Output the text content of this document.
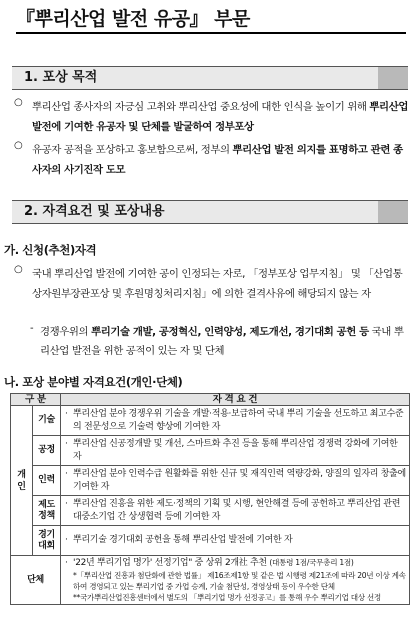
『뿌리산업 발전 유공』 부문
1. 포상 목적
○ 뿌리산업 종사자의 자긍심 고취와 뿌리산업 중요성에 대한 인식을 높이기 위해 뿌리산업 발전에 기여한 유공자 및 단체를 발굴하여 정부포상
○ 유공자 공적을 포상하고 홍보함으로써, 정부의 뿌리산업 발전 의지를 표명하고 관련 종사자의 사기진작 도모
2. 자격요건 및 포상내용
가. 신청(추천)자격
○ 국내 뿌리산업 발전에 기여한 공이 인정되는 자로, 「정부포상 업무지침」 및 「산업통상자원부장관포상 및 후원명칭처리지침」에 의한 결격사유에 해당되지 않는 자
- 경쟁우위의 뿌리기술 개발, 공정혁신, 인력양성, 제도개선, 경기대회 공헌 등 국내 뿌리산업 발전을 위한 공적이 있는 자 및 단체
나. 포상 분야별 자격요건(개인·단체)
구 분		자 격 요 건
개
인	기술	· 뿌리산업 분야 경쟁우위 기술을 개발·적용·보급하여 국내 뿌리 기술을 선도하고 최고수준의 전문성으로 기술력 향상에 기여한 자

	공정	· 뿌리산업 신공정개발 및 개선, 스마트화 추진 등을 통해 뿌리산업 경쟁력 강화에 기여한 자

	인력	· 뿌리산업 분야 인력수급 원활화를 위한 신규 및 재직인력 역량강화, 양질의 일자리 창출에 기여한 자

	제도
정책	· 뿌리산업 진흥을 위한 제도·정책의 기획 및 시행, 현안해결 등에 공헌하고 뿌리산업 관련 대중소기업 간 상생협력 등에 기여한 자

	경기
대회	· 뿌리기술 경기대회 공헌을 통해 뿌리산업 발전에 기여한 자

단체		· '22년 뿌리기업 명가' 선정기업" 중 상위 2개社 추천 (대통령 1점/국무총리 1점)
*「뿌리산업 진흥과 첨단화에 관한 법률」 제16조제1항 및 같은 법 시행령 제21조에 따라 20년 이상 계속하여 경영되고 있는 뿌리기업 중 가업 승계, 기술 첨단성, 경영상태 등이 우수한 단체
**국가뿌리산업진흥센터에서 별도의 「뿌리기업 명가 선정공고」를 통해 우수 뿌리기업 대상 선정
